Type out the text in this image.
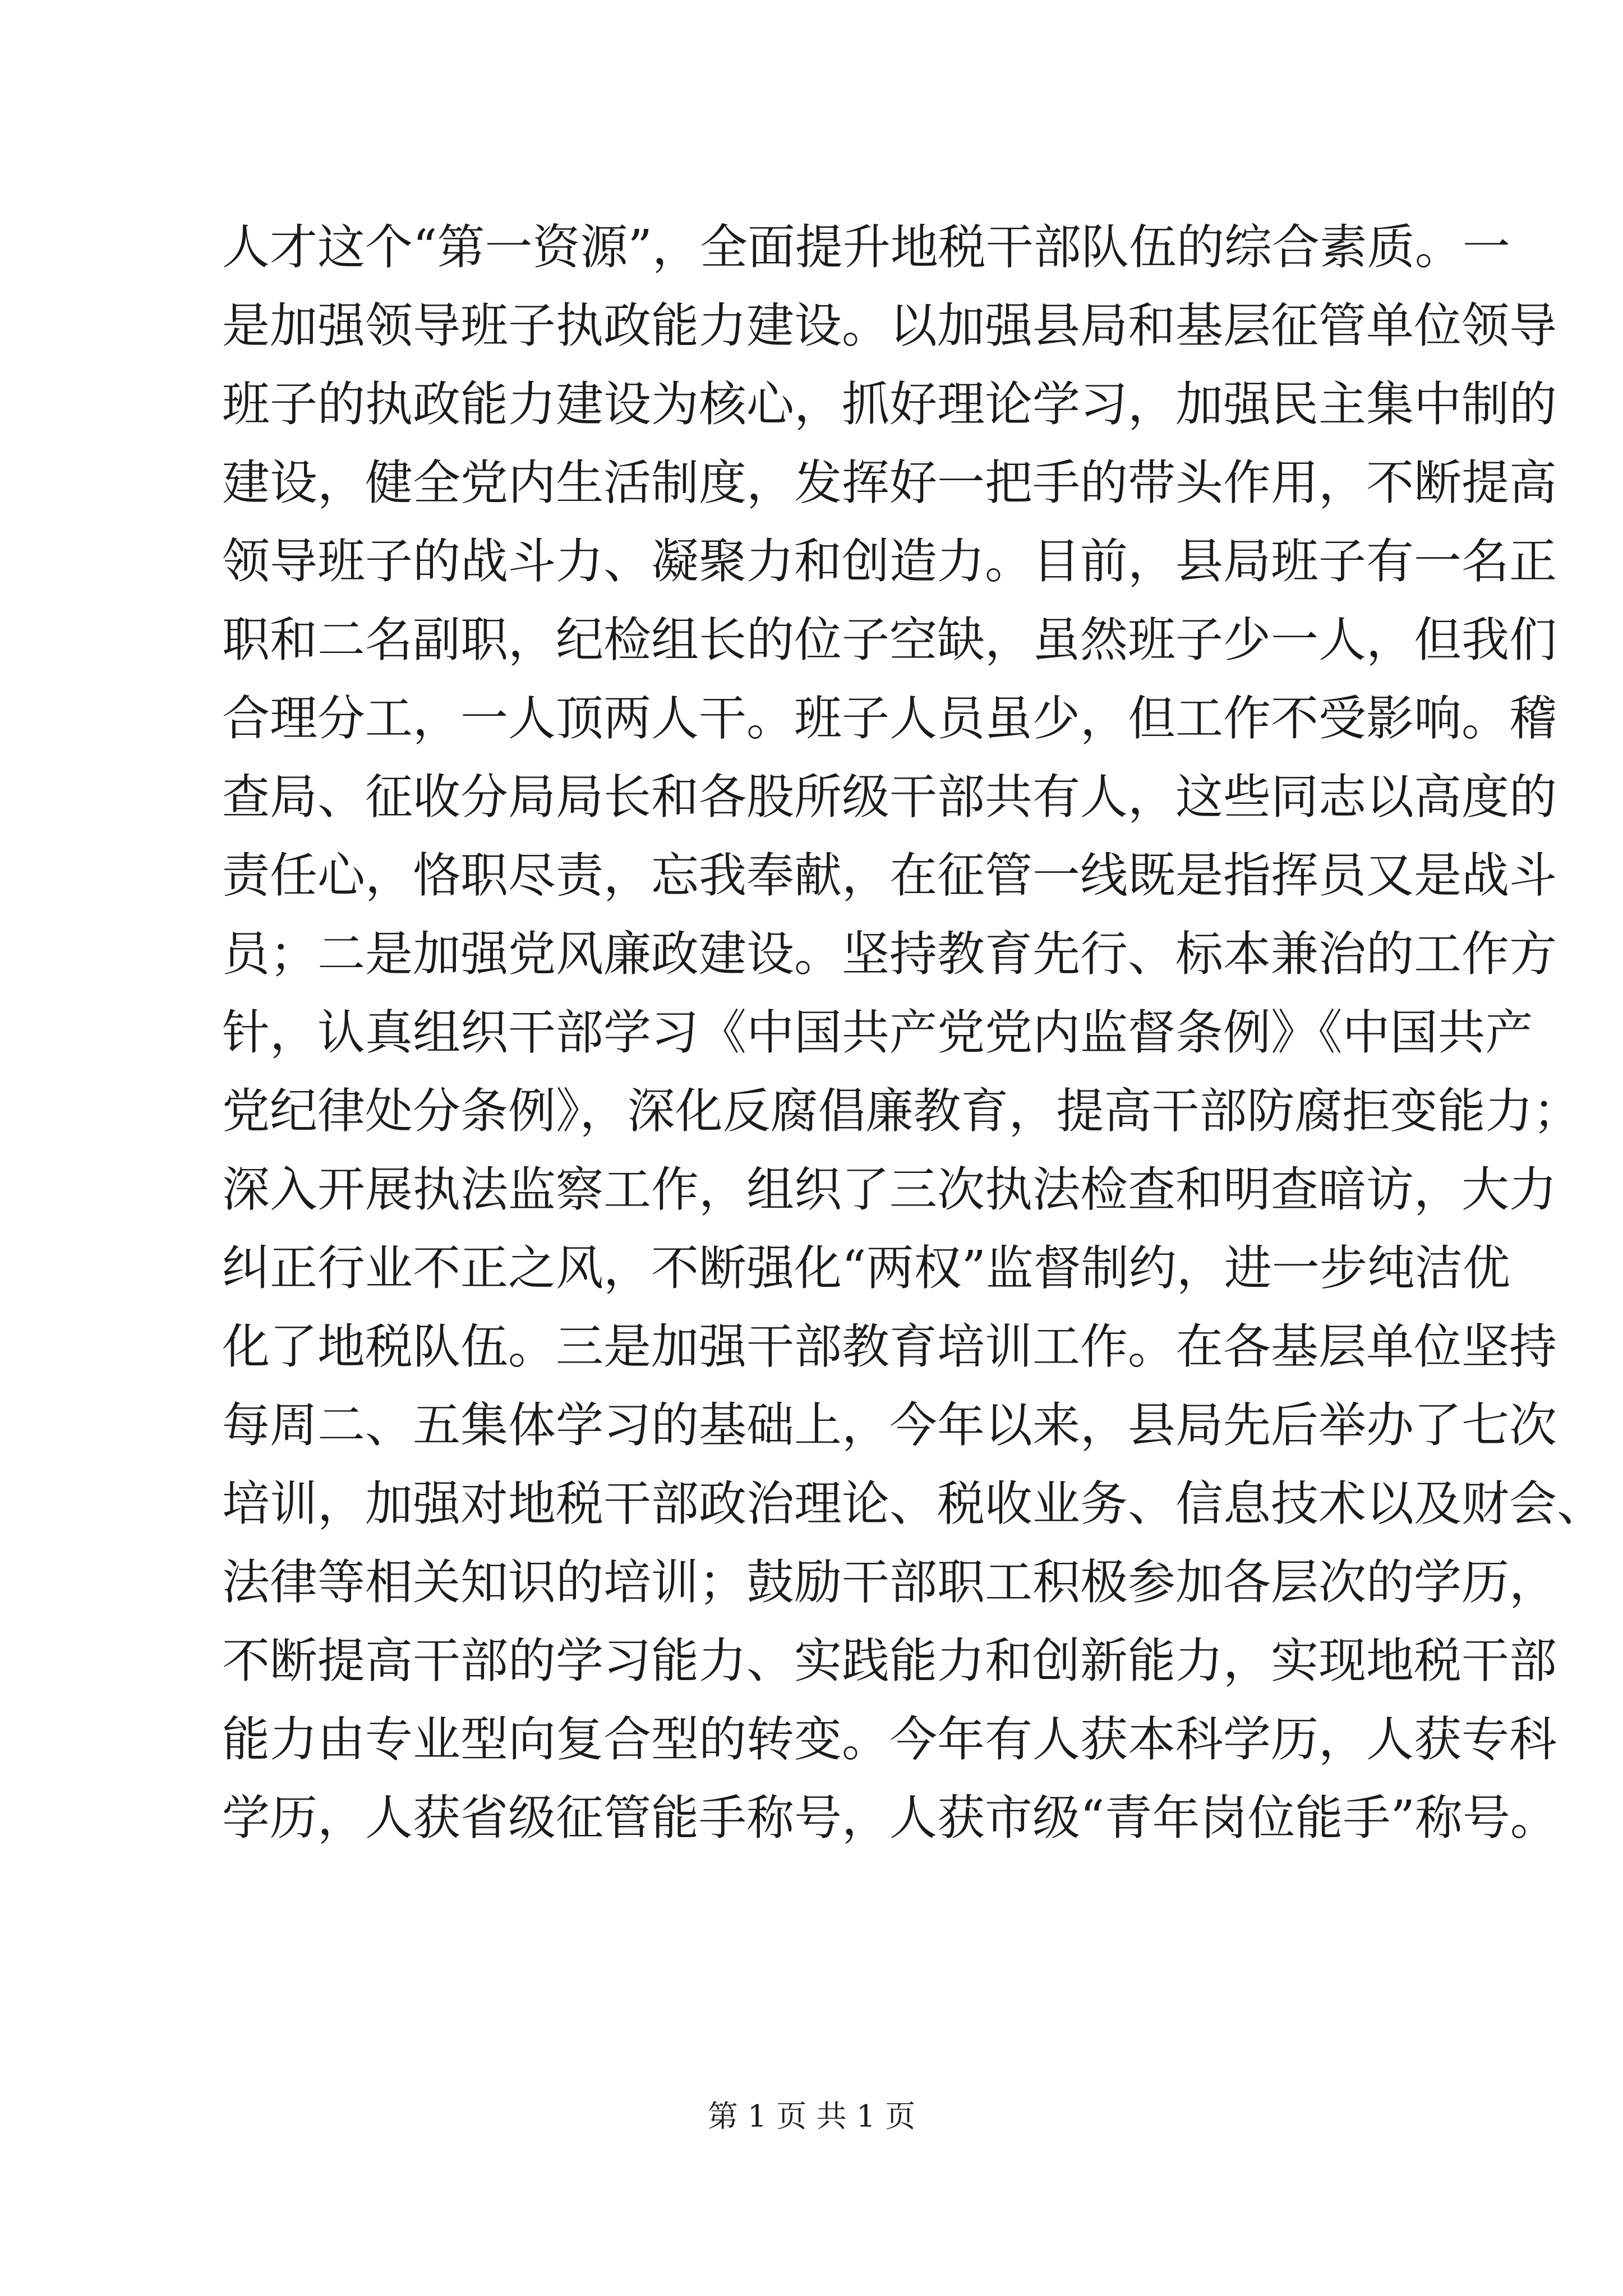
人才这个“第一资源”，全面提升地税干部队伍的综合素质。一
是加强领导班子执政能力建设。以加强县局和基层征管单位领导
班子的执政能力建设为核心，抓好理论学习，加强民主集中制的
建设，健全党内生活制度，发挥好一把手的带头作用，不断提高
领导班子的战斗力、凝聚力和创造力。目前，县局班子有一名正
职和二名副职，纪检组长的位子空缺，虽然班子少一人，但我们
合理分工，一人顶两人干。班子人员虽少，但工作不受影响。稽
查局、征收分局局长和各股所级干部共有人，这些同志以高度的
责任心，恪职尽责，忘我奉献，在征管一线既是指挥员又是战斗
员；二是加强党风廉政建设。坚持教育先行、标本兼治的工作方
针，认真组织干部学习《中国共产党党内监督条例》《中国共产
党纪律处分条例》，深化反腐倡廉教育，提高干部防腐拒变能力；
深入开展执法监察工作，组织了三次执法检查和明查暗访，大力
纠正行业不正之风，不断强化“两权”监督制约，进一步纯洁优
化了地税队伍。三是加强干部教育培训工作。在各基层单位坚持
每周二、五集体学习的基础上，今年以来，县局先后举办了七次
培训，加强对地税干部政治理论、税收业务、信息技术以及财会、
法律等相关知识的培训；鼓励干部职工积极参加各层次的学历，
不断提高干部的学习能力、实践能力和创新能力，实现地税干部
能力由专业型向复合型的转变。今年有人获本科学历，人获专科
学历，人获省级征管能手称号，人获市级“青年岗位能手”称号。
第 1 页 共 1 页
